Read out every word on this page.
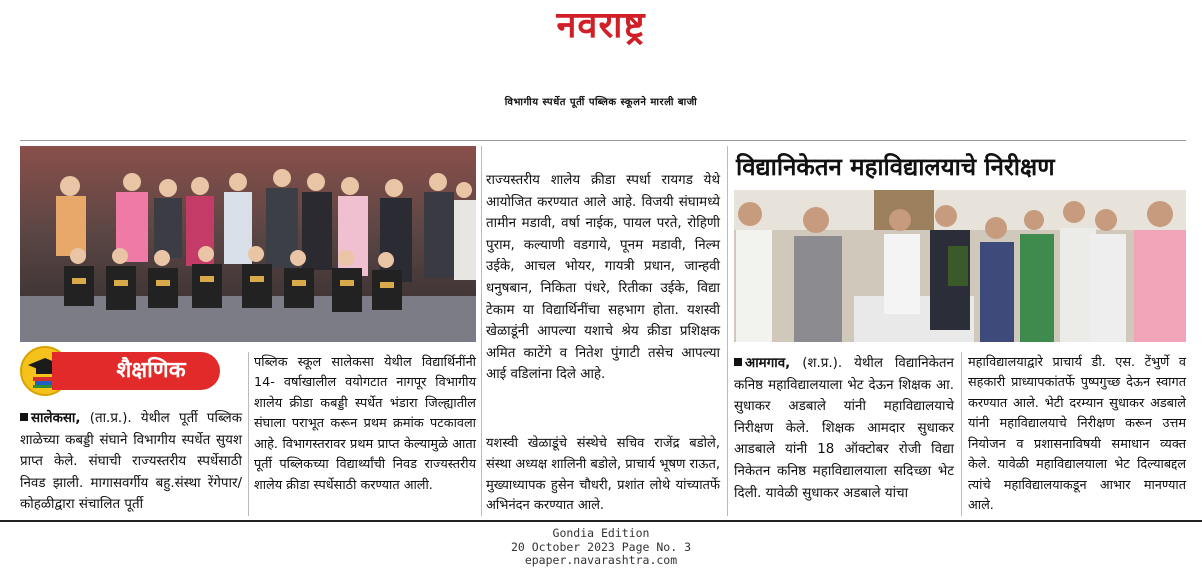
नवराष्ट्र
विभागीय स्पर्धेत पूर्ती पब्लिक स्कूलने मारली बाजी
विद्यानिकेतन महाविद्यालयाचे निरीक्षण

राज्यस्तरीय शालेय क्रीडा स्पर्धा रायगड येथे आयोजित करण्यात आले आहे. विजयी संघामध्ये तामीन मडावी, वर्षा नाईक, पायल परते, रोहिणी पुराम, कल्याणी वडगाये, पूनम मडावी, निल्म उईके, आचल भोयर, गायत्री प्रधान, जान्हवी धनुषबान, निकिता पंधरे, रितीका उईके, विद्या टेकाम या विद्यार्थिनींचा सहभाग होता. यशस्वी खेळाडूंनी आपल्या यशाचे श्रेय क्रीडा प्रशिक्षक अमित काटेंगे व नितेश पुंगाटी तसेच आपल्या आई वडिलांना दिले आहे.

यशस्वी खेळाडूंचे संस्थेचे सचिव राजेंद्र बडोले, संस्था अध्यक्ष शालिनी बडोले, प्राचार्य भूषण राऊत, मुख्याध्यापक हुसेन चौधरी, प्रशांत लोथे यांच्यातर्फे अभिनंदन करण्यात आले.

शैक्षणिक

सालेकसा, (ता.प्र.). येथील पूर्ती पब्लिक शाळेच्या कबड्डी संघाने विभागीय स्पर्धेत सुयश प्राप्त केले. संघाची राज्यस्तरीय स्पर्धेसाठी निवड झाली. मागासवर्गीय बहु.संस्था रेंगेपार/ कोहळीद्वारा संचालित पूर्ती

पब्लिक स्कूल सालेकसा येथील विद्यार्थिनींनी 14- वर्षाखालील वयोगटात नागपूर विभागीय शालेय क्रीडा कबड्डी स्पर्धेत भंडारा जिल्ह्यातील संघाला पराभूत करून प्रथम क्रमांक पटकावला आहे. विभागस्तरावर प्रथम प्राप्त केल्यामुळे आता पूर्ती पब्लिकच्या विद्यार्थ्यांची निवड राज्यस्तरीय शालेय क्रीडा स्पर्धेसाठी करण्यात आली.

आमगाव, (श.प्र.). येथील विद्यानिकेतन कनिष्ठ महाविद्यालयाला भेट देऊन शिक्षक आ. सुधाकर अडबाले यांनी महाविद्यालयाचे निरीक्षण केले. शिक्षक आमदार सुधाकर आडबाले यांनी 18 ऑक्टोबर रोजी विद्या निकेतन कनिष्ठ महाविद्यालयाला सदिच्छा भेट दिली. यावेळी सुधाकर अडबाले यांचा

महाविद्यालयाद्वारे प्राचार्य डी. एस. टेंभुर्णे व सहकारी प्राध्यापकांतर्फे पुष्पगुच्छ देऊन स्वागत करण्यात आले. भेटी दरम्यान सुधाकर अडबाले यांनी महाविद्यालयाचे निरीक्षण करून उत्तम नियोजन व प्रशासनाविषयी समाधान व्यक्त केले. यावेळी महाविद्यालयाला भेट दिल्याबद्दल त्यांचे महाविद्यालयाकडून आभार मानण्यात आले.

Gondia Edition
20 October 2023 Page No. 3
epaper.navarashtra.com
